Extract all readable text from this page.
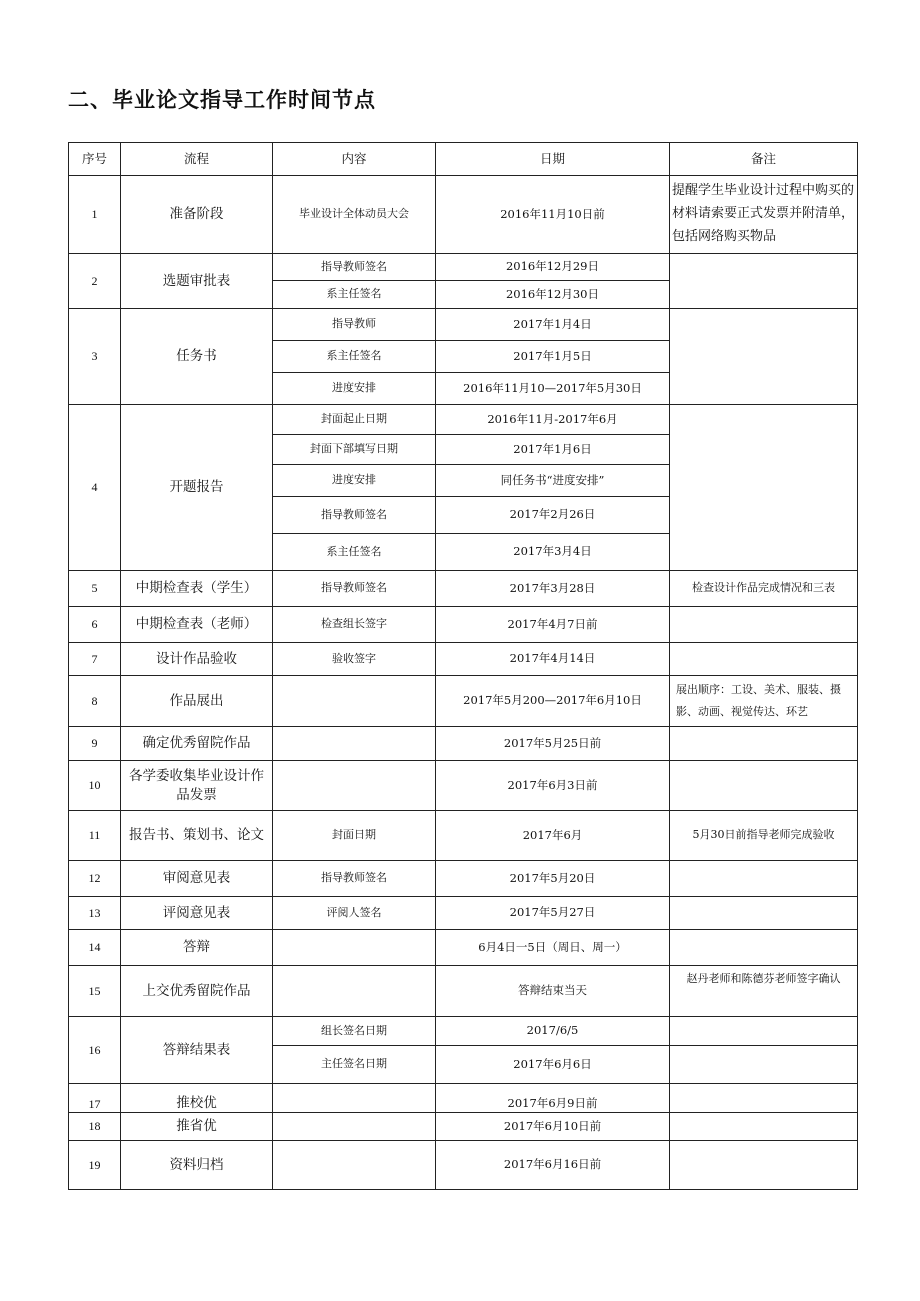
二、毕业论文指导工作时间节点
序号	流程	内容	日期	备注
1	准备阶段	毕业设计全体动员大会	2016年11月10日前	提醒学生毕业设计过程中购买的材料请索要正式发票并附清单，包括网络购买物品
2	选题审批表	指导教师签名	2016年12月29日	
		系主任签名	2016年12月30日	
3	任务书	指导教师	2017年1月4日	
		系主任签名	2017年1月5日	
		进度安排	2016年11月10—2017年5月30日	
4	开题报告	封面起止日期	2016年11月-2017年6月	
		封面下部填写日期	2017年1月6日	
		进度安排	同任务书“进度安排”	
		指导教师签名	2017年2月26日	
		系主任签名	2017年3月4日	
5	中期检查表（学生）	指导教师签名	2017年3月28日	检查设计作品完成情况和三表
6	中期检查表（老师）	检查组长签字	2017年4月7日前	
7	设计作品验收	验收签字	2017年4月14日	
8	作品展出		2017年5月200—2017年6月10日	展出顺序：工设、美术、服装、摄影、动画、视觉传达、环艺
9	确定优秀留院作品		2017年5月25日前	
10	各学委收集毕业设计作品发票		2017年6月3日前	
11	报告书、策划书、论文	封面日期	2017年6月	5月30日前指导老师完成验收
12	审阅意见表	指导教师签名	2017年5月20日	
13	评阅意见表	评阅人签名	2017年5月27日	
14	答辩		6月4日一5日（周日、周一）	
15	上交优秀留院作品		答辩结束当天	赵丹老师和陈德芬老师签字确认
16	答辩结果表	组长签名日期	2017/6/5	
		主任签名日期	2017年6月6日	
17	推校优		2017年6月9日前	
18	推省优		2017年6月10日前	
19	资料归档		2017年6月16日前	
